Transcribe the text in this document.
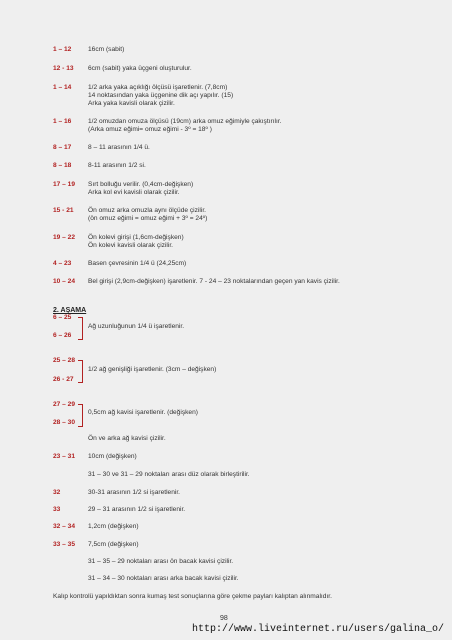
1 – 12	16cm (sabit)
12 - 13 6cm (sabit) yaka üçgeni oluşturulur.
1 – 14	1/2 arka yaka açıklığı ölçüsü işaretlenir. (7,8cm)
14 noktasından yaka üçgenine dik açı yapılır. (15)
Arka yaka kavisli olarak çizilir.
1 – 16	1/2 omuzdan omuza ölçüsü (19cm) arka omuz eğimiyle çakıştırılır.
(Arka omuz eğimi= omuz eğimi - 3º = 18º )
8 – 17	8 – 11 arasının 1/4 ü.
8 – 18	8-11 arasının 1/2 si.
17 – 19 Sırt bolluğu verilir. (0,4cm-değişken)
Arka kol evi kavisli olarak çizilir.
15 - 21 Ön omuz arka omuzla aynı ölçüde çizilir.
(ön omuz eğimi = omuz eğimi + 3º = 24º)
19 – 22 Ön kolevi girişi (1,6cm-değişken)
Ön kolevi kavisli olarak çizilir.
4 – 23	Basen çevresinin 1/4 ü (24,25cm)
10 – 24 Bel girişi (2,9cm-değişken) işaretlenir. 7 - 24 – 23 noktalarından geçen yan kavis çizilir.
2. AŞAMA
6 – 25
6 – 26
Ağ uzunluğunun 1/4 ü işaretlenir.
25 – 28
26 - 27
1/2 ağ genişliği işaretlenir. (3cm – değişken)
27 – 29
28 – 30
0,5cm ağ kavisi işaretlenir. (değişken)
Ön ve arka ağ kavisi çizilir.
23 – 31 10cm (değişken)
31 – 30 ve 31 – 29 noktaları arası düz olarak birleştirilir.
32	30-31 arasının 1/2 si işaretlenir.
33	29 – 31 arasının 1/2 si işaretlenir.
32 – 34 1,2cm (değişken)
33 – 35 7,5cm (değişken)
31 – 35 – 29 noktaları arası ön bacak kavisi çizilir.
31 – 34 – 30 noktaları arası arka bacak kavisi çizilir.
Kalıp kontrolü yapıldıktan sonra kumaş test sonuçlarına göre çekme payları kalıptan alınmalıdır.
98
http://www.liveinternet.ru/users/galina_o/
